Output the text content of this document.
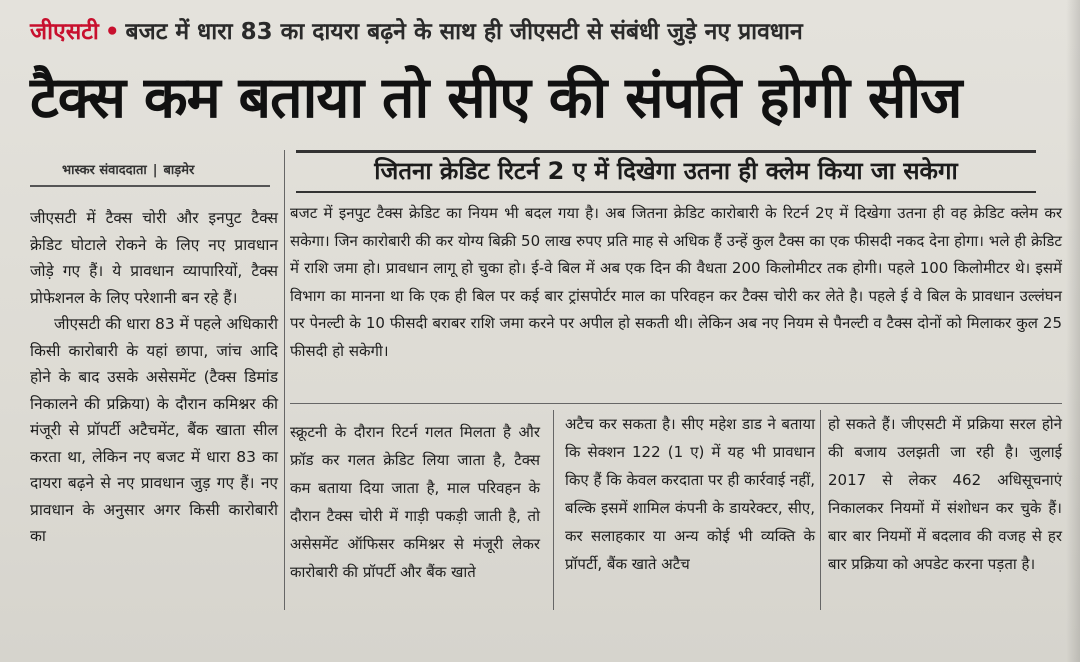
जीएसटी • बजट में धारा 83 का दायरा बढ़ने के साथ ही जीएसटी से संबंधी जुड़े नए प्रावधान
टैक्स कम बताया तो सीए की संपति होगी सीज
भास्कर संवाददाता | बाड़मेर	जितना क्रेडिट रिटर्न 2 ए में दिखेगा उतना ही क्लेम किया जा सकेगा

जीएसटी में टैक्स चोरी और इनपुट टैक्स क्रेडिट घोटाले रोकने के लिए नए प्रावधान जोड़े गए हैं। ये प्रावधान व्यापारियों, टैक्स प्रोफेशनल के लिए परेशानी बन रहे हैं।

जीएसटी की धारा 83 में पहले अधिकारी किसी कारोबारी के यहां छापा, जांच आदि होने के बाद उसके असेसमेंट (टैक्स डिमांड निकालने की प्रक्रिया) के दौरान कमिश्नर की मंजूरी से प्रॉपर्टी अटैचमेंट, बैंक खाता सील करता था, लेकिन नए बजट में धारा 83 का दायरा बढ़ने से नए प्रावधान जुड़ गए हैं। नए प्रावधान के अनुसार अगर किसी कारोबारी का

बजट में इनपुट टैक्स क्रेडिट का नियम भी बदल गया है। अब जितना क्रेडिट कारोबारी के रिटर्न 2ए में दिखेगा उतना ही वह क्रेडिट क्लेम कर सकेगा। जिन कारोबारी की कर योग्य बिक्री 50 लाख रुपए प्रति माह से अधिक हैं उन्हें कुल टैक्स का एक फीसदी नकद देना होगा। भले ही क्रेडिट में राशि जमा हो। प्रावधान लागू हो चुका हो। ई-वे बिल में अब एक दिन की वैधता 200 किलोमीटर तक होगी। पहले 100 किलोमीटर थे। इसमें विभाग का मानना था कि एक ही बिल पर कई बार ट्रांसपोर्टर माल का परिवहन कर टैक्स चोरी कर लेते है। पहले ई वे बिल के प्रावधान उल्लंघन पर पेनल्टी के 10 फीसदी बराबर राशि जमा करने पर अपील हो सकती थी। लेकिन अब नए नियम से पैनल्टी व टैक्स दोनों को मिलाकर कुल 25 फीसदी हो सकेगी।

स्क्रूटनी के दौरान रिटर्न गलत मिलता है और फ्रॉड कर गलत क्रेडिट लिया जाता है, टैक्स कम बताया दिया जाता है, माल परिवहन के दौरान टैक्स चोरी में गाड़ी पकड़ी जाती है, तो असेसमेंट ऑफिसर कमिश्नर से मंजूरी लेकर कारोबारी की प्रॉपर्टी और बैंक खाते

अटैच कर सकता है। सीए महेश डाड ने बताया कि सेक्शन 122 (1 ए) में यह भी प्रावधान किए हैं कि केवल करदाता पर ही कार्रवाई नहीं, बल्कि इसमें शामिल कंपनी के डायरेक्टर, सीए, कर सलाहकार या अन्य कोई भी व्यक्ति के प्रॉपर्टी, बैंक खाते अटैच

हो सकते हैं। जीएसटी में प्रक्रिया सरल होने की बजाय उलझती जा रही है। जुलाई 2017 से लेकर 462 अधिसूचनाएं निकालकर नियमों में संशोधन कर चुके हैं। बार बार नियमों में बदलाव की वजह से हर बार प्रक्रिया को अपडेट करना पड़ता है।
